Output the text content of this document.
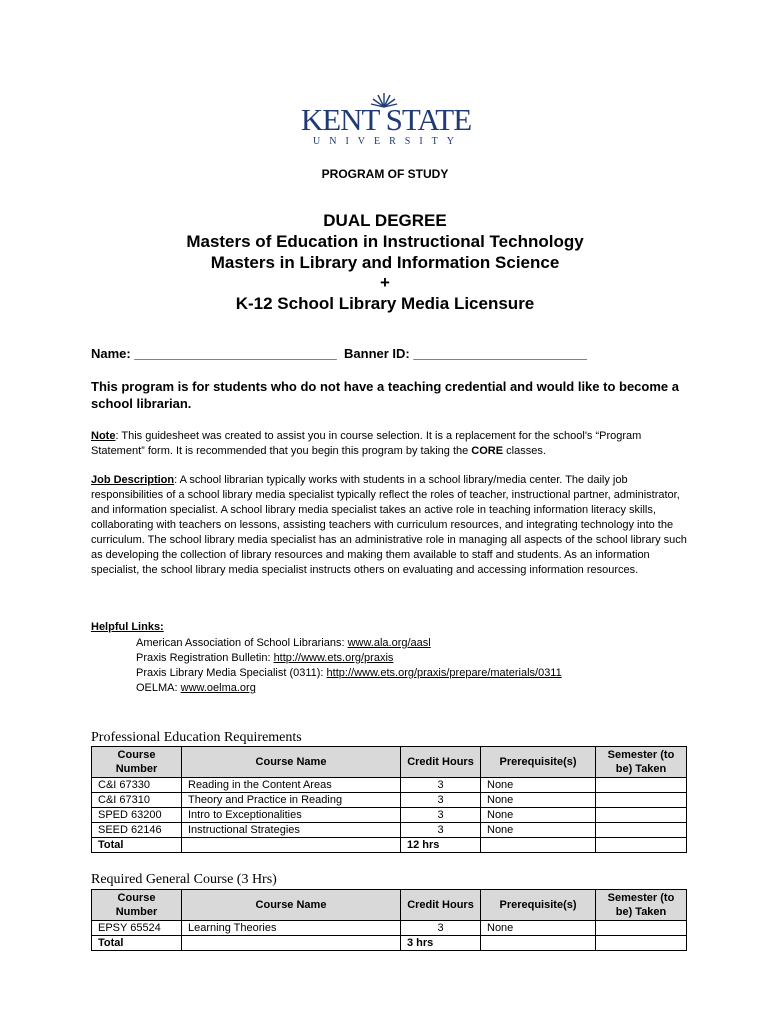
KENT STATE
UNIVERSITY
PROGRAM OF STUDY
DUAL DEGREE
Masters of Education in Instructional Technology
Masters in Library and Information Science
+
K-12 School Library Media Licensure
Name: ____________________________  Banner ID: ________________________
This program is for students who do not have a teaching credential and would like to become a school librarian.
Note: This guidesheet was created to assist you in course selection. It is a replacement for the school's “Program Statement” form. It is recommended that you begin this program by taking the CORE classes.
Job Description: A school librarian typically works with students in a school library/media center. The daily job responsibilities of a school library media specialist typically reflect the roles of teacher, instructional partner, administrator, and information specialist. A school library media specialist takes an active role in teaching information literacy skills, collaborating with teachers on lessons, assisting teachers with curriculum resources, and integrating technology into the curriculum. The school library media specialist has an administrative role in managing all aspects of the school library such as developing the collection of library resources and making them available to staff and students. As an information specialist, the school library media specialist instructs others on evaluating and accessing information resources.
Helpful Links:
American Association of School Librarians: www.ala.org/aasl
Praxis Registration Bulletin: http://www.ets.org/praxis
Praxis Library Media Specialist (0311): http://www.ets.org/praxis/prepare/materials/0311
OELMA: www.oelma.org
Professional Education Requirements
Course Number	Course Name	Credit Hours	Prerequisite(s)	Semester (to be) Taken
C&I 67330	Reading in the Content Areas	3	None	
C&I 67310	Theory and Practice in Reading	3	None	
SPED 63200	Intro to Exceptionalities	3	None	
SEED 62146	Instructional Strategies	3	None	
Total		12 hrs		
Required General Course (3 Hrs)
Course Number	Course Name	Credit Hours	Prerequisite(s)	Semester (to be) Taken
EPSY 65524	Learning Theories	3	None	
Total		3 hrs		
